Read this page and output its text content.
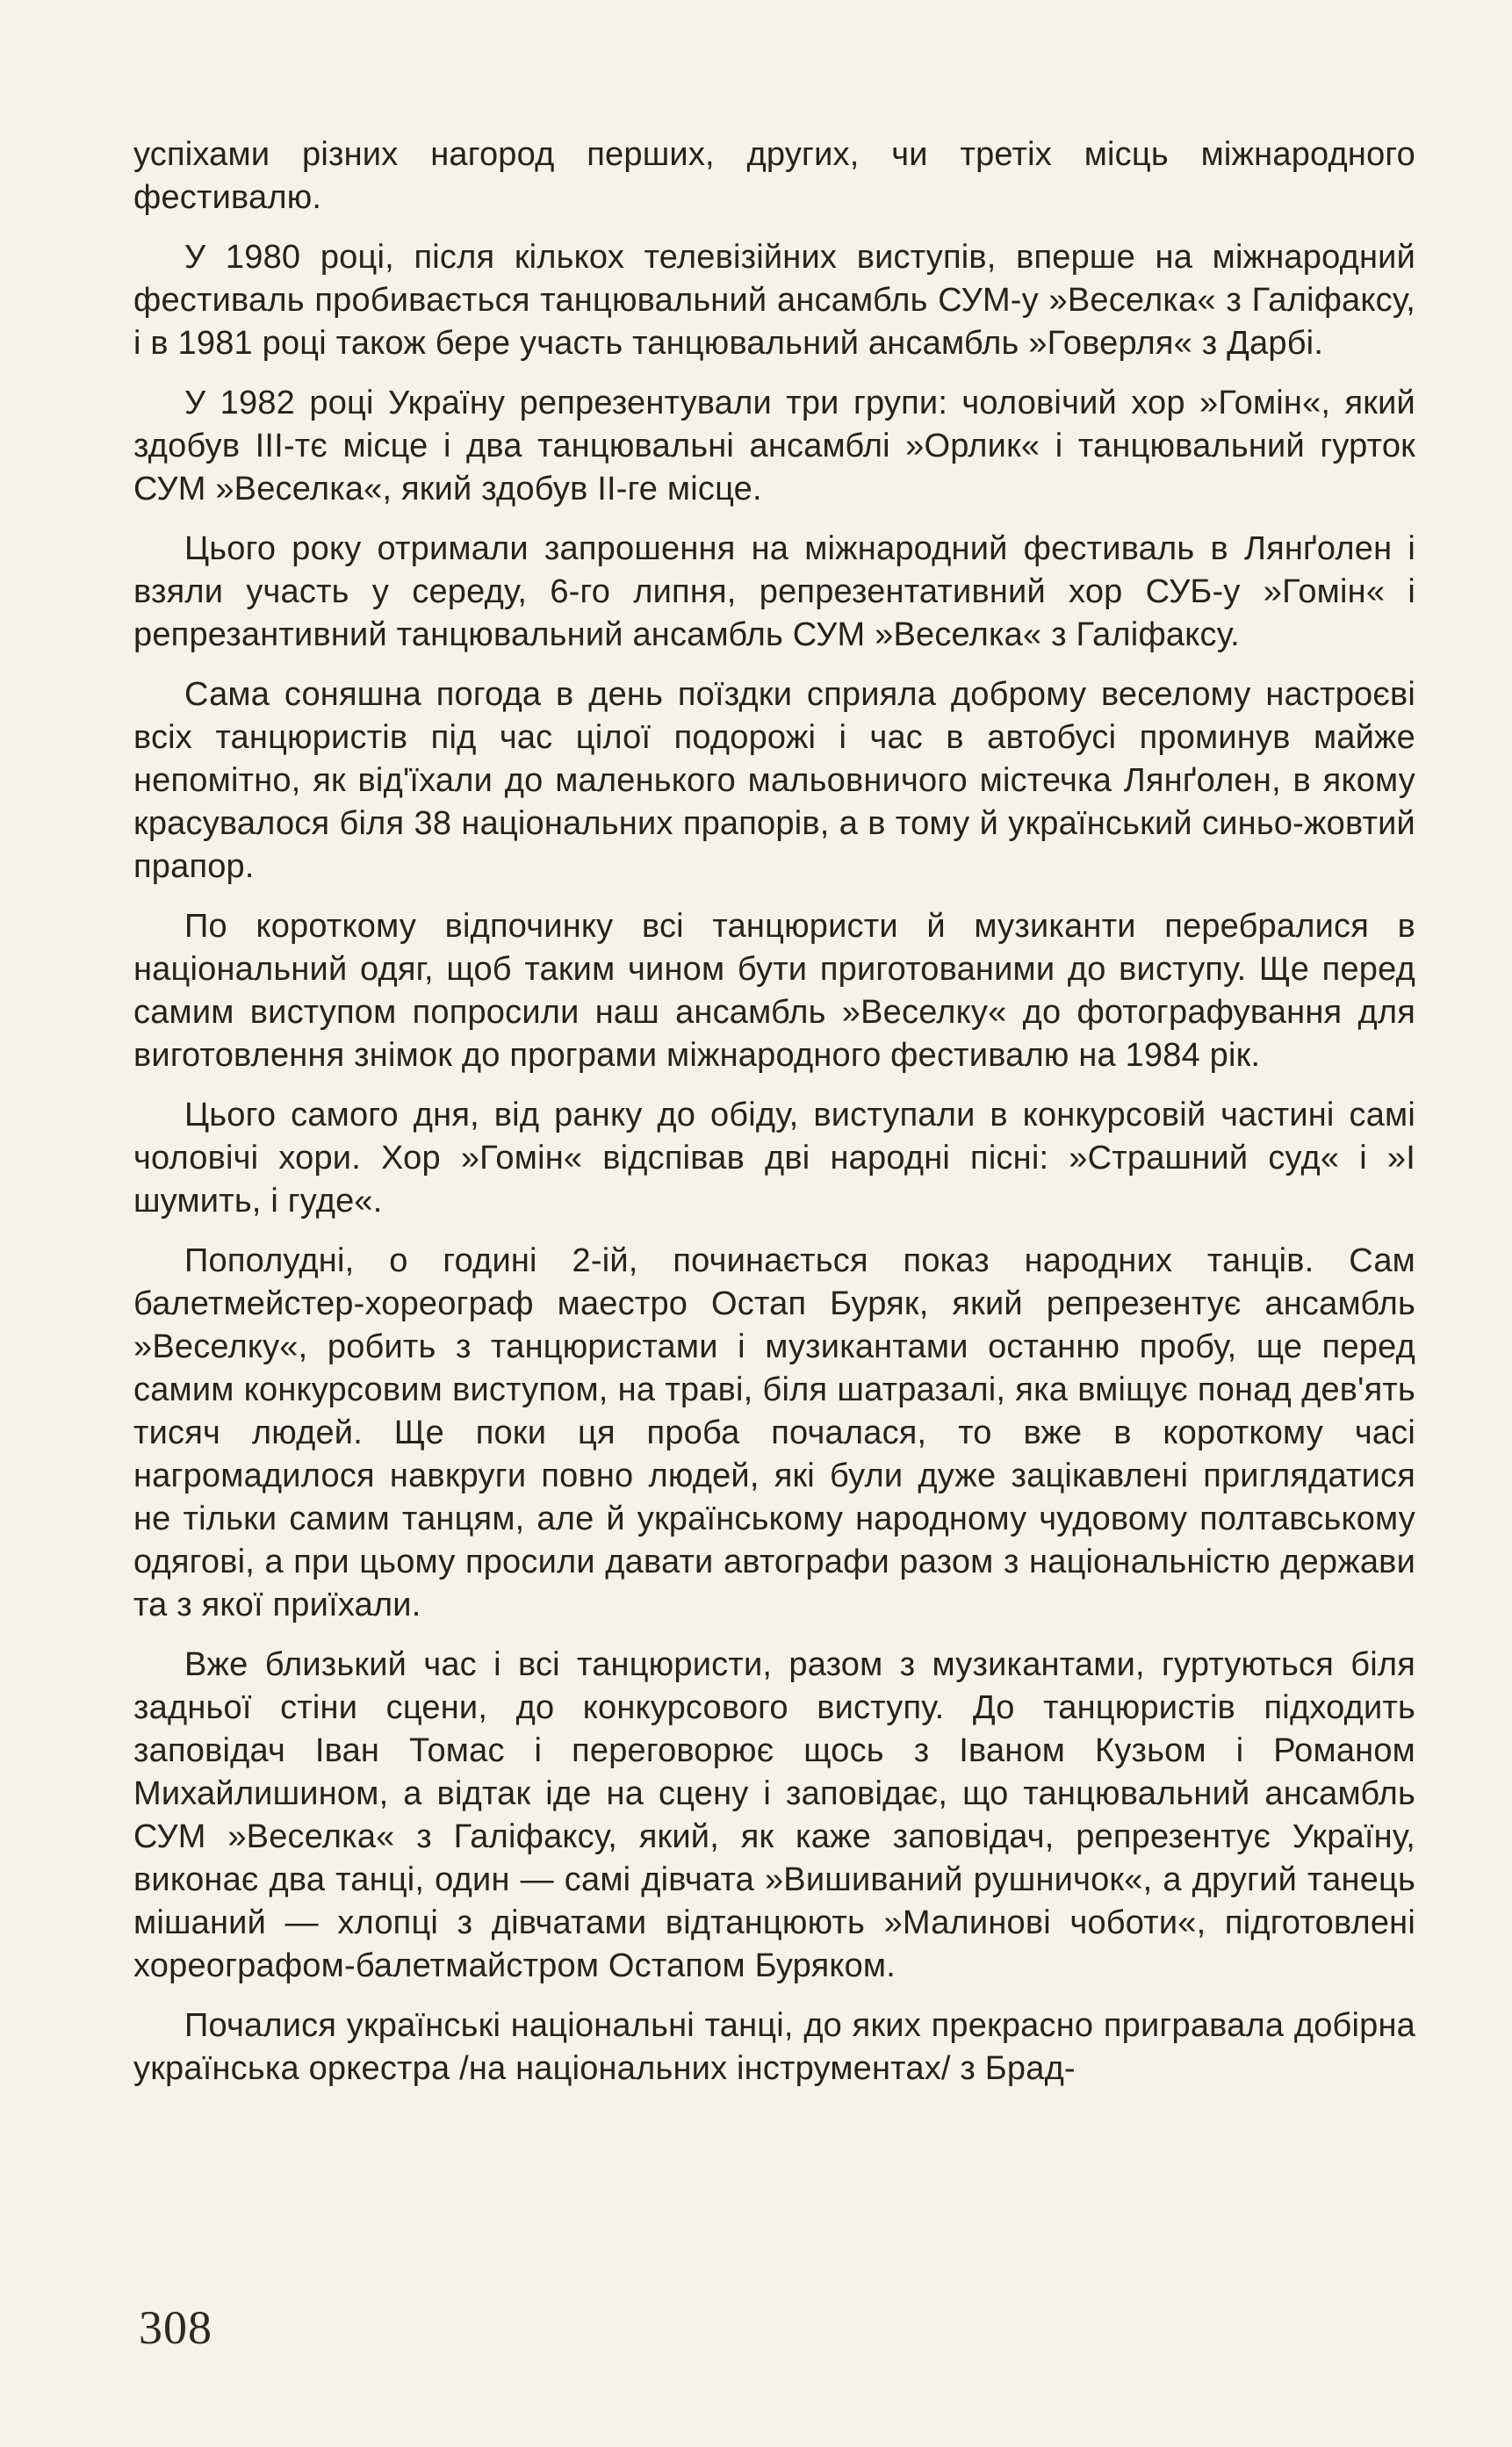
успіхами різних нагород перших, других, чи третіх місць міжнародного фестивалю.

У 1980 році, після кількох телевізійних виступів, вперше на міжнародний фестиваль пробивається танцювальний ансамбль СУМ-у »Веселка« з Галіфаксу, і в 1981 році також бере участь танцювальний ансамбль »Говерля« з Дарбі.

У 1982 році Україну репрезентували три групи: чоловічий хор »Гомін«, який здобув ІІІ-тє місце і два танцювальні ансамблі »Орлик« і танцювальний гурток СУМ »Веселка«, який здобув ІІ-ге місце.

Цього року отримали запрошення на міжнародний фестиваль в Лянґолен і взяли участь у середу, 6-го липня, репрезентативний хор СУБ-у »Гомін« і репрезантивний танцювальний ансамбль СУМ »Веселка« з Галіфаксу.

Сама соняшна погода в день поїздки сприяла доброму веселому настроєві всіх танцюристів під час цілої подорожі і час в автобусі проминув майже непомітно, як від'їхали до маленького мальовничого містечка Лянґолен, в якому красувалося біля 38 національних прапорів, а в тому й український синьо-жовтий прапор.

По короткому відпочинку всі танцюристи й музиканти перебралися в національний одяг, щоб таким чином бути приготованими до виступу. Ще перед самим виступом попросили наш ансамбль »Веселку« до фотографування для виготовлення знімок до програми міжнародного фестивалю на 1984 рік.

Цього самого дня, від ранку до обіду, виступали в конкурсовій частині самі чоловічі хори. Хор »Гомін« відспівав дві народні пісні: »Страшний суд« і »І шумить, і гуде«.

Пополудні, о годині 2-ій, починається показ народних танців. Сам балетмейстер-хореограф маестро Остап Буряк, який репрезентує ансамбль »Веселку«, робить з танцюристами і музикантами останню пробу, ще перед самим конкурсовим виступом, на траві, біля шатразалі, яка вміщує понад дев'ять тисяч людей. Ще поки ця проба почалася, то вже в короткому часі нагромадилося навкруги повно людей, які були дуже зацікавлені приглядатися не тільки самим танцям, але й українському народному чудовому полтавському одягові, а при цьому просили давати автографи разом з національністю держави та з якої приїхали.

Вже близький час і всі танцюристи, разом з музикантами, гуртуються біля задньої стіни сцени, до конкурсового виступу. До танцюристів підходить заповідач Іван Томас і переговорює щось з Іваном Кузьом і Романом Михайлишином, а відтак іде на сцену і заповідає, що танцювальний ансамбль СУМ »Веселка« з Галіфаксу, який, як каже заповідач, репрезентує Україну, виконає два танці, один — самі дівчата »Вишиваний рушничок«, а другий танець мішаний — хлопці з дівчатами відтанцюють »Малинові чоботи«, підготовлені хореографом-балетмайстром Остапом Буряком.

Почалися українські національні танці, до яких прекрасно пригравала добірна українська оркестра /на національних інструментах/ з Брад-

308
